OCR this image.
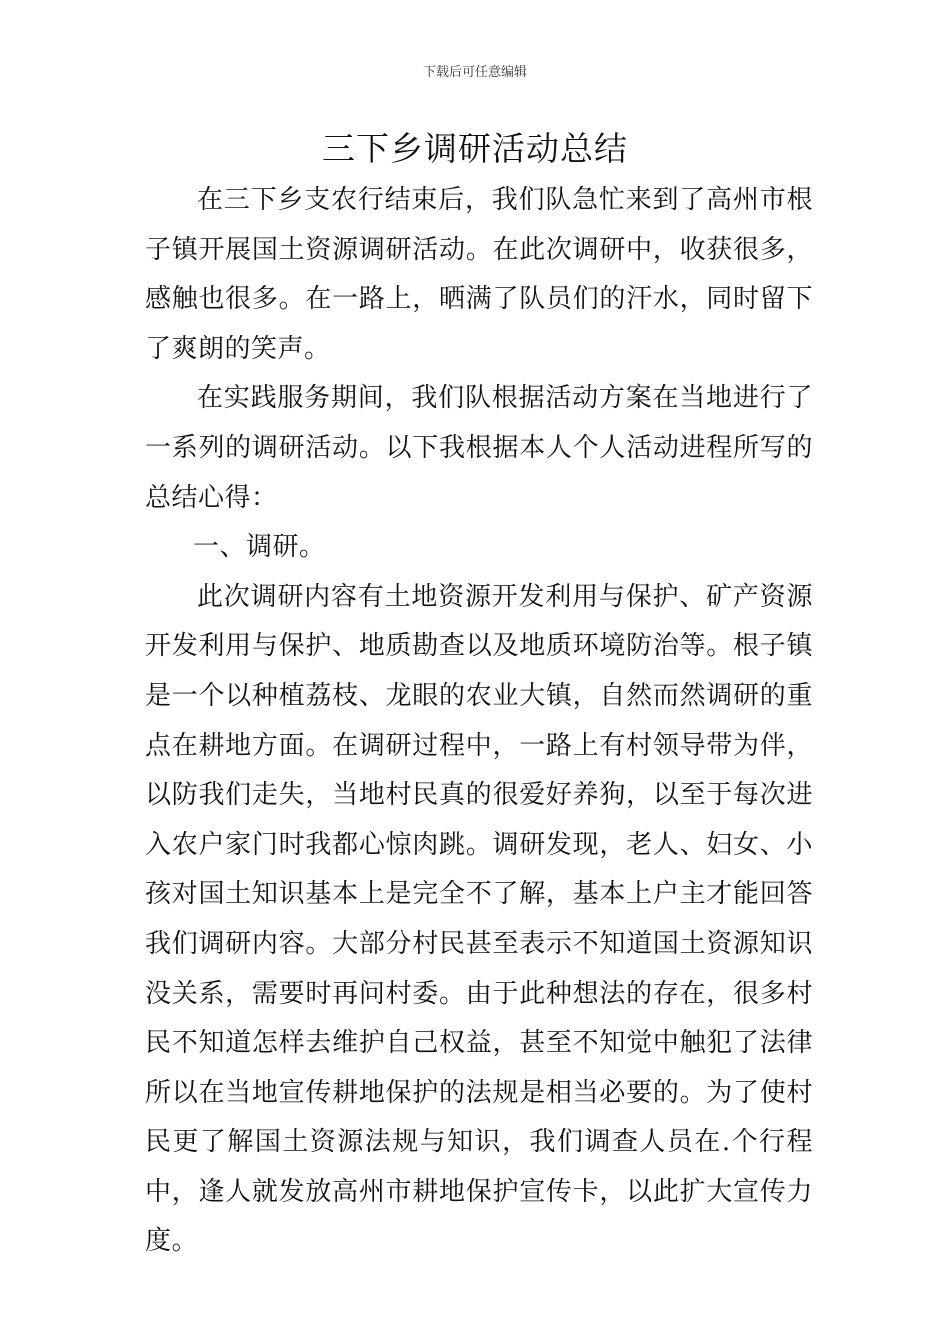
下载后可任意编辑
三下乡调研活动总结

在三下乡支农行结束后，我们队急忙来到了高州市根子镇开展国土资源调研活动。在此次调研中，收获很多，感触也很多。在一路上，晒满了队员们的汗水，同时留下了爽朗的笑声。

在实践服务期间，我们队根据活动方案在当地进行了一系列的调研活动。以下我根据本人个人活动进程所写的总结心得：

一、调研。

此次调研内容有土地资源开发利用与保护、矿产资源开发利用与保护、地质勘查以及地质环境防治等。根子镇是一个以种植荔枝、龙眼的农业大镇，自然而然调研的重点在耕地方面。在调研过程中，一路上有村领导带为伴，以防我们走失，当地村民真的很爱好养狗，以至于每次进入农户家门时我都心惊肉跳。调研发现，老人、妇女、小孩对国土知识基本上是完全不了解，基本上户主才能回答我们调研内容。大部分村民甚至表示不知道国土资源知识没关系，需要时再问村委。由于此种想法的存在，很多村民不知道怎样去维护自己权益，甚至不知觉中触犯了法律所以在当地宣传耕地保护的法规是相当必要的。为了使村民更了解国土资源法规与知识，我们调查人员在.个行程中，逢人就发放高州市耕地保护宣传卡，以此扩大宣传力度。
